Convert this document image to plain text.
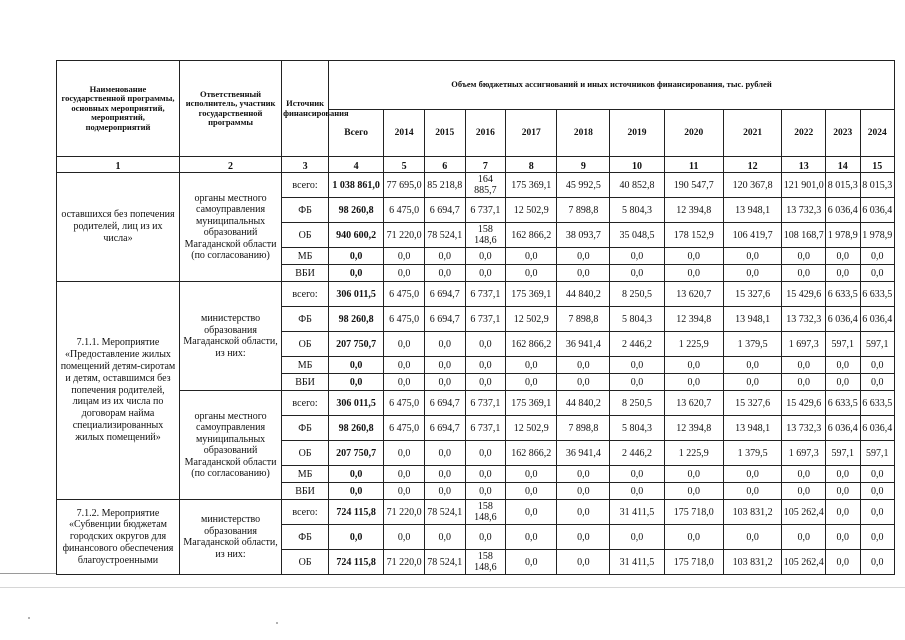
Наименование государственной программы, основных мероприятий, мероприятий, подмероприятий	Ответственный исполнитель, участник государственной программы	Источник финансирования	Объем бюджетных ассигнований и иных источников финансирования, тыс. рублей											
			Всего	2014	2015	2016	2017	2018	2019	2020	2021	2022	2023	2024
1	2	3	4	5	6	7	8	9	10	11	12	13	14	15
оставшихся без попечения родителей, лиц из их числа»	органы местного самоуправления муниципальных образований Магаданской области (по согласованию)	всего:	1 038 861,0	77 695,0	85 218,8	164 885,7	175 369,1	45 992,5	40 852,8	190 547,7	120 367,8	121 901,0	8 015,3	8 015,3
		ФБ	98 260,8	6 475,0	6 694,7	6 737,1	12 502,9	7 898,8	5 804,3	12 394,8	13 948,1	13 732,3	6 036,4	6 036,4
		ОБ	940 600,2	71 220,0	78 524,1	158 148,6	162 866,2	38 093,7	35 048,5	178 152,9	106 419,7	108 168,7	1 978,9	1 978,9
		МБ	0,0	0,0	0,0	0,0	0,0	0,0	0,0	0,0	0,0	0,0	0,0	0,0
		ВБИ	0,0	0,0	0,0	0,0	0,0	0,0	0,0	0,0	0,0	0,0	0,0	0,0
7.1.1. Мероприятие «Предоставление жилых помещений детям-сиротам и детям, оставшимся без попечения родителей, лицам из их числа по договорам найма специализированных жилых помещений»	министерство образования Магаданской области, из них:	всего:	306 011,5	6 475,0	6 694,7	6 737,1	175 369,1	44 840,2	8 250,5	13 620,7	15 327,6	15 429,6	6 633,5	6 633,5
		ФБ	98 260,8	6 475,0	6 694,7	6 737,1	12 502,9	7 898,8	5 804,3	12 394,8	13 948,1	13 732,3	6 036,4	6 036,4
		ОБ	207 750,7	0,0	0,0	0,0	162 866,2	36 941,4	2 446,2	1 225,9	1 379,5	1 697,3	597,1	597,1
		МБ	0,0	0,0	0,0	0,0	0,0	0,0	0,0	0,0	0,0	0,0	0,0	0,0
		ВБИ	0,0	0,0	0,0	0,0	0,0	0,0	0,0	0,0	0,0	0,0	0,0	0,0
	органы местного самоуправления муниципальных образований Магаданской области (по согласованию)	всего:	306 011,5	6 475,0	6 694,7	6 737,1	175 369,1	44 840,2	8 250,5	13 620,7	15 327,6	15 429,6	6 633,5	6 633,5
		ФБ	98 260,8	6 475,0	6 694,7	6 737,1	12 502,9	7 898,8	5 804,3	12 394,8	13 948,1	13 732,3	6 036,4	6 036,4
		ОБ	207 750,7	0,0	0,0	0,0	162 866,2	36 941,4	2 446,2	1 225,9	1 379,5	1 697,3	597,1	597,1
		МБ	0,0	0,0	0,0	0,0	0,0	0,0	0,0	0,0	0,0	0,0	0,0	0,0
		ВБИ	0,0	0,0	0,0	0,0	0,0	0,0	0,0	0,0	0,0	0,0	0,0	0,0
7.1.2. Мероприятие «Субвенции бюджетам городских округов для финансового обеспечения благоустроенными	министерство образования Магаданской области, из них:	всего:	724 115,8	71 220,0	78 524,1	158 148,6	0,0	0,0	31 411,5	175 718,0	103 831,2	105 262,4	0,0	0,0
		ФБ	0,0	0,0	0,0	0,0	0,0	0,0	0,0	0,0	0,0	0,0	0,0	0,0
		ОБ	724 115,8	71 220,0	78 524,1	158 148,6	0,0	0,0	31 411,5	175 718,0	103 831,2	105 262,4	0,0	0,0
